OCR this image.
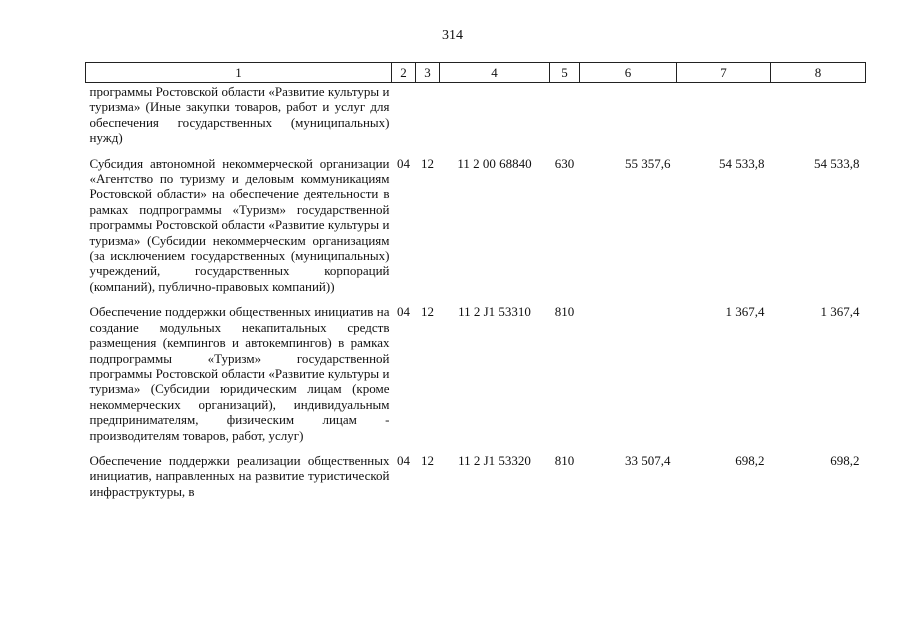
314
1	2	3	4	5	6	7	8
программы Ростовской области «Развитие культуры и туризма» (Иные закупки товаров, работ и услуг для обеспечения государственных (муниципальных) нужд)							
Субсидия автономной некоммерческой организации «Агентство по туризму и деловым коммуникациям Ростовской области» на обеспечение деятельности в рамках подпрограммы «Туризм» государственной программы Ростовской области «Развитие культуры и туризма» (Субсидии некоммерческим организациям (за исключением государственных (муниципальных) учреждений, государственных корпораций (компаний), публично-правовых компаний))	04	12	11 2 00 68840	630	55 357,6	54 533,8	54 533,8
Обеспечение поддержки общественных инициатив на создание модульных некапитальных средств размещения (кемпингов и автокемпингов) в рамках подпрограммы «Туризм» государственной программы Ростовской области «Развитие культуры и туризма» (Субсидии юридическим лицам (кроме некоммерческих организаций), индивидуальным предпринимателям, физическим лицам - производителям товаров, работ, услуг)	04	12	11 2 J1 53310	810		1 367,4	1 367,4

Обеспечение поддержки реализации общественных инициатив, направленных на развитие туристической инфраструктуры, в	04	12	11 2 J1 53320	810	33 507,4	698,2	698,2
